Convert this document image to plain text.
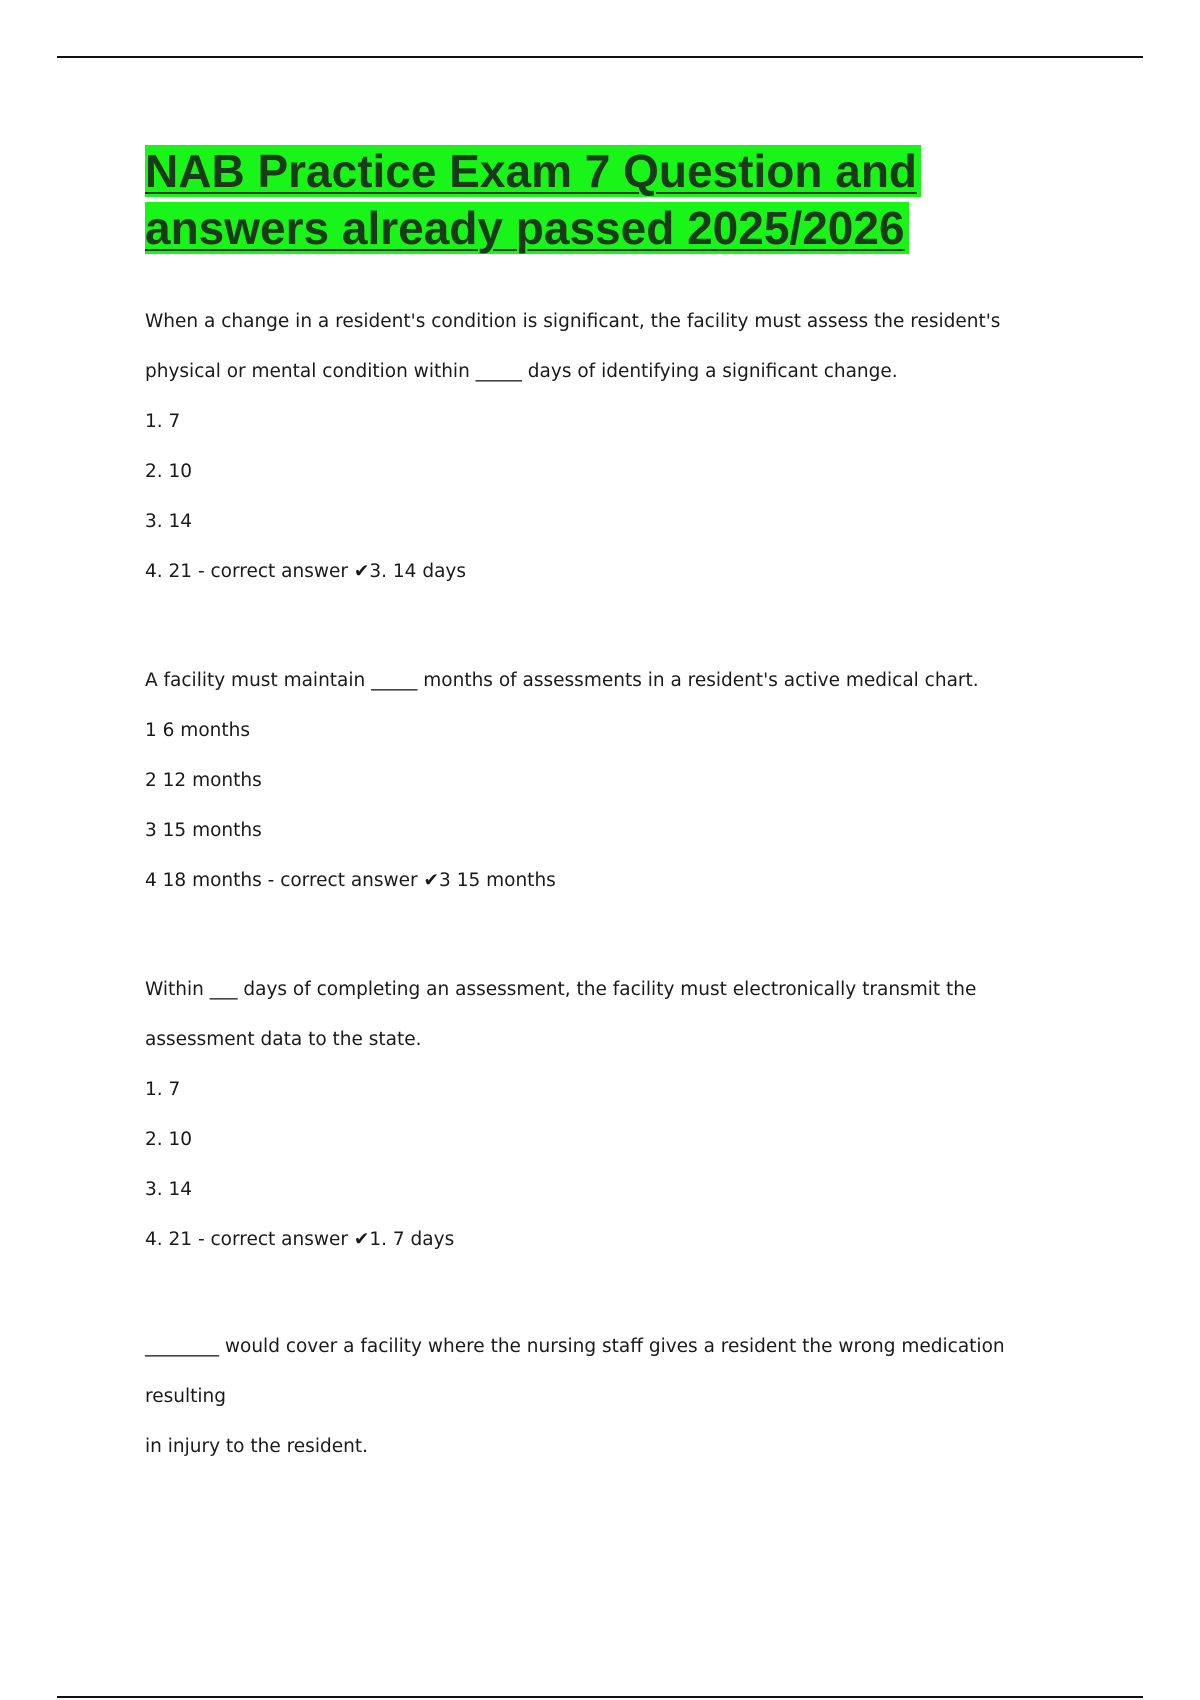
NAB Practice Exam 7 Question and
answers already passed 2025/2026

When a change in a resident's condition is significant, the facility must assess the resident's

physical or mental condition within _____ days of identifying a significant change.

1. 7

2. 10

3. 14

4. 21 - correct answer ✔3. 14 days

A facility must maintain _____ months of assessments in a resident's active medical chart.

1 6 months

2 12 months

3 15 months

4 18 months - correct answer ✔3 15 months

Within ___ days of completing an assessment, the facility must electronically transmit the

assessment data to the state.

1. 7

2. 10

3. 14

4. 21 - correct answer ✔1. 7 days

________ would cover a facility where the nursing staff gives a resident the wrong medication resulting

in injury to the resident.
